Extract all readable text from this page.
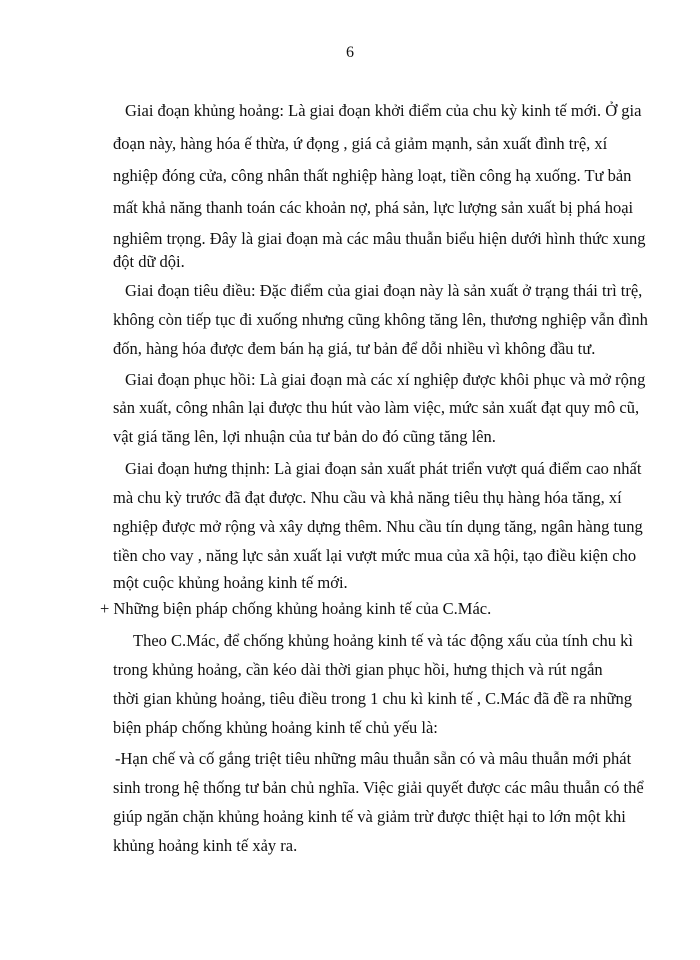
6
Giai đoạn khủng hoảng: Là giai đoạn khởi điểm của chu kỳ kinh tế mới. Ở gia
đoạn này, hàng hóa ế thừa, ứ đọng , giá cả giảm mạnh, sản xuất đình trệ, xí
nghiệp đóng cửa, công nhân thất nghiệp hàng loạt, tiền công hạ xuống. Tư bản
mất khả năng thanh toán các khoản nợ, phá sản, lực lượng sản xuất bị phá hoại
nghiêm trọng. Đây là giai đoạn mà các mâu thuẫn biểu hiện dưới hình thức xung
đột dữ dội.
Giai đoạn tiêu điều: Đặc điểm của giai đoạn này là sản xuất ở trạng thái trì trệ,
không còn tiếp tục đi xuống nhưng cũng không tăng lên, thương nghiệp vẫn đình
đốn, hàng hóa được đem bán hạ giá, tư bản để dỗi nhiều vì không đầu tư.
Giai đoạn phục hồi: Là giai đoạn mà các xí nghiệp được khôi phục và mở rộng
sản xuất, công nhân lại được thu hút vào làm việc, mức sản xuất đạt quy mô cũ,
vật giá tăng lên, lợi nhuận của tư bản do đó cũng tăng lên.
Giai đoạn hưng thịnh: Là giai đoạn sản xuất phát triển vượt quá điểm cao nhất
mà chu kỳ trước đã đạt được. Nhu cầu và khả năng tiêu thụ hàng hóa tăng, xí
nghiệp được mở rộng và xây dựng thêm. Nhu cầu tín dụng tăng, ngân hàng tung
tiền cho vay , năng lực sản xuất lại vượt mức mua của xã hội, tạo điều kiện cho
một cuộc khủng hoảng kinh tế mới.
+ Những biện pháp chống khủng hoảng kinh tế của C.Mác.
Theo C.Mác, để chống khủng hoảng kinh tế và tác động xấu của tính chu kì
trong khủng hoảng, cần kéo dài thời gian phục hồi, hưng thịch và rút ngắn
thời gian khủng hoảng, tiêu điều trong 1 chu kì kinh tế , C.Mác đã đề ra những
biện pháp chống khủng hoảng kinh tế chủ yếu là:
-Hạn chế và cố gắng triệt tiêu những mâu thuẫn sẵn có và mâu thuẫn mới phát
sinh trong hệ thống tư bản chủ nghĩa. Việc giải quyết được các mâu thuẫn có thể
giúp ngăn chặn khủng hoảng kinh tế và giảm trừ được thiệt hại to lớn một khi
khủng hoảng kinh tế xảy ra.
